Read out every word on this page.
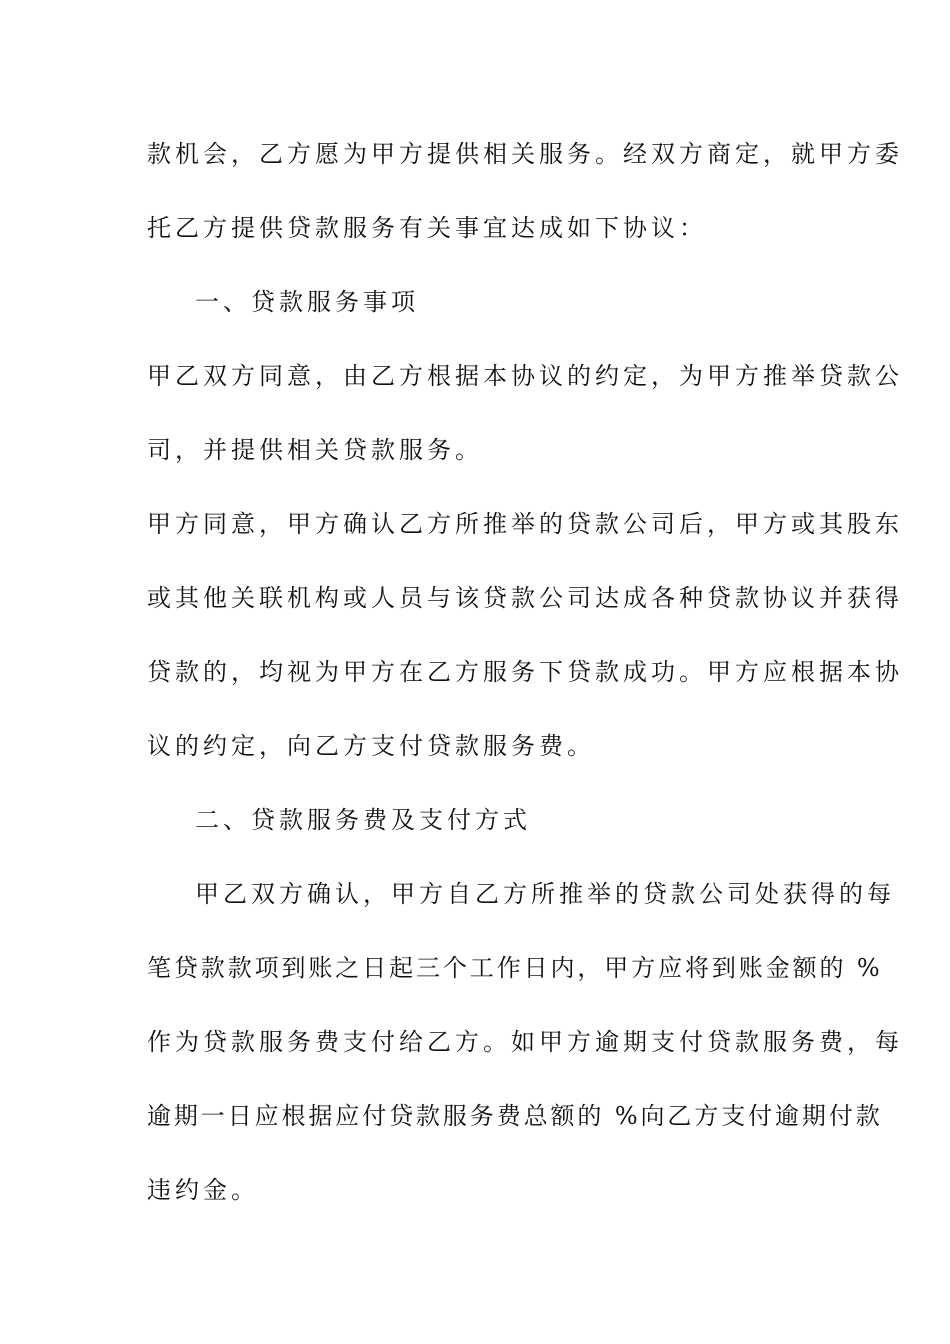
款机会，乙方愿为甲方提供相关服务。经双方商定，就甲方委
托乙方提供贷款服务有关事宜达成如下协议：
一、贷款服务事项
甲乙双方同意，由乙方根据本协议的约定，为甲方推举贷款公
司，并提供相关贷款服务。
甲方同意，甲方确认乙方所推举的贷款公司后，甲方或其股东
或其他关联机构或人员与该贷款公司达成各种贷款协议并获得
贷款的，均视为甲方在乙方服务下贷款成功。甲方应根据本协
议的约定，向乙方支付贷款服务费。
二、贷款服务费及支付方式
甲乙双方确认，甲方自乙方所推举的贷款公司处获得的每
笔贷款款项到账之日起三个工作日内，甲方应将到账金额的 %
作为贷款服务费支付给乙方。如甲方逾期支付贷款服务费，每
逾期一日应根据应付贷款服务费总额的 %向乙方支付逾期付款
违约金。
